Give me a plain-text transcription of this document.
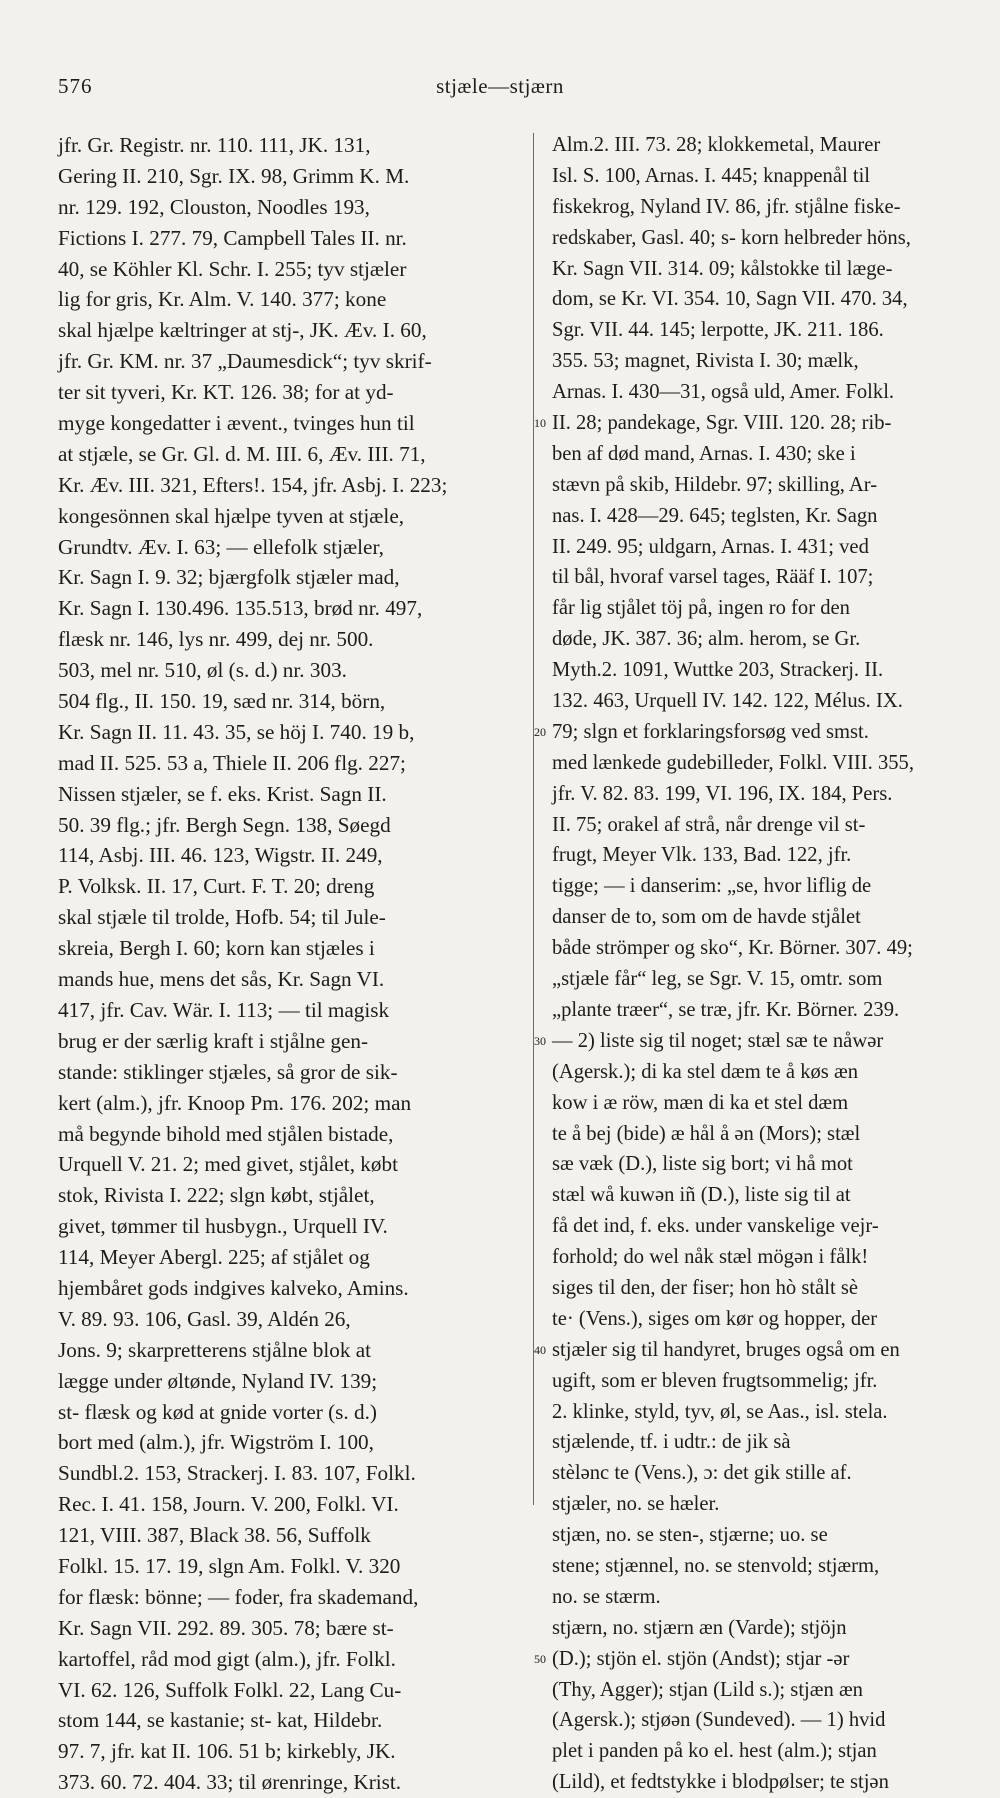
576	stjæle—stjærn
jfr. Gr. Registr. nr. 110. 111, JK. 131,
Gering II. 210, Sgr. IX. 98, Grimm K. M.
nr. 129. 192, Clouston, Noodles 193,
Fictions I. 277. 79, Campbell Tales II. nr.
40, se Köhler Kl. Schr. I. 255; tyv stjæler
lig for gris, Kr. Alm. V. 140. 377; kone
skal hjælpe kæltringer at stj-, JK. Æv. I. 60,
jfr. Gr. KM. nr. 37 „Daumesdick“; tyv skrif-
ter sit tyveri, Kr. KT. 126. 38; for at yd-
myge kongedatter i ævent., tvinges hun til
at stjæle, se Gr. Gl. d. M. III. 6, Æv. III. 71,
Kr. Æv. III. 321, Efters!. 154, jfr. Asbj. I. 223;
kongesönnen skal hjælpe tyven at stjæle,
Grundtv. Æv. I. 63; — ellefolk stjæler,
Kr. Sagn I. 9. 32; bjærgfolk stjæler mad,
Kr. Sagn I. 130.496. 135.513, brød nr. 497,
flæsk nr. 146, lys nr. 499, dej nr. 500.
503, mel nr. 510, øl (s. d.) nr. 303.
504 flg., II. 150. 19, sæd nr. 314, börn,
Kr. Sagn II. 11. 43. 35, se höj I. 740. 19 b,
mad II. 525. 53 a, Thiele II. 206 flg. 227;
Nissen stjæler, se f. eks. Krist. Sagn II.
50. 39 flg.; jfr. Bergh Segn. 138, Søegd
114, Asbj. III. 46. 123, Wigstr. II. 249,
P. Volksk. II. 17, Curt. F. T. 20; dreng
skal stjæle til trolde, Hofb. 54; til Jule-
skreia, Bergh I. 60; korn kan stjæles i
mands hue, mens det sås, Kr. Sagn VI.
417, jfr. Cav. Wär. I. 113; — til magisk
brug er der særlig kraft i stjålne gen-
stande: stiklinger stjæles, så gror de sik-
kert (alm.), jfr. Knoop Pm. 176. 202; man
må begynde bihold med stjålen bistade,
Urquell V. 21. 2; med givet, stjålet, købt
stok, Rivista I. 222; slgn købt, stjålet,
givet, tømmer til husbygn., Urquell IV.
114, Meyer Abergl. 225; af stjålet og
hjembåret gods indgives kalveko, Amins.
V. 89. 93. 106, Gasl. 39, Aldén 26,
Jons. 9; skarpretterens stjålne blok at
lægge under øltønde, Nyland IV. 139;
st- flæsk og kød at gnide vorter (s. d.)
bort med (alm.), jfr. Wigström I. 100,
Sundbl.2. 153, Strackerj. I. 83. 107, Folkl.
Rec. I. 41. 158, Journ. V. 200, Folkl. VI.
121, VIII. 387, Black 38. 56, Suffolk
Folkl. 15. 17. 19, slgn Am. Folkl. V. 320
for flæsk: bönne; — foder, fra skademand,
Kr. Sagn VII. 292. 89. 305. 78; bære st-
kartoffel, råd mod gigt (alm.), jfr. Folkl.
VI. 62. 126, Suffolk Folkl. 22, Lang Cu-
stom 144, se kastanie; st- kat, Hildebr.
97. 7, jfr. kat II. 106. 51 b; kirkebly, JK.
373. 60. 72. 404. 33; til ørenringe, Krist.
Alm.2. III. 73. 28; klokkemetal, Maurer
Isl. S. 100, Arnas. I. 445; knappenål til
fiskekrog, Nyland IV. 86, jfr. stjålne fiske-
redskaber, Gasl. 40; s- korn helbreder höns,
Kr. Sagn VII. 314. 09; kålstokke til læge-
dom, se Kr. VI. 354. 10, Sagn VII. 470. 34,
Sgr. VII. 44. 145; lerpotte, JK. 211. 186.
355. 53; magnet, Rivista I. 30; mælk,
Arnas. I. 430—31, også uld, Amer. Folkl.
II. 28; pandekage, Sgr. VIII. 120. 28; rib-
ben af død mand, Arnas. I. 430; ske i
stævn på skib, Hildebr. 97; skilling, Ar-
nas. I. 428—29. 645; teglsten, Kr. Sagn
II. 249. 95; uldgarn, Arnas. I. 431; ved
til bål, hvoraf varsel tages, Rääf I. 107;
får lig stjålet töj på, ingen ro for den
døde, JK. 387. 36; alm. herom, se Gr.
Myth.2. 1091, Wuttke 203, Strackerj. II.
132. 463, Urquell IV. 142. 122, Mélus. IX.
79; slgn et forklaringsforsøg ved smst.
med lænkede gudebilleder, Folkl. VIII. 355,
jfr. V. 82. 83. 199, VI. 196, IX. 184, Pers.
II. 75; orakel af strå, når drenge vil st-
frugt, Meyer Vlk. 133, Bad. 122, jfr.
tigge; — i danserim: „se, hvor liflig de
danser de to, som om de havde stjålet
både strömper og sko“, Kr. Börner. 307. 49;
„stjæle får“ leg, se Sgr. V. 15, omtr. som
„plante træer“, se træ, jfr. Kr. Börner. 239.
— 2) liste sig til noget; stæl sæ te nåwər
(Agersk.); di ka stel dæm te å køs æn
kow i æ röw, mæn di ka et stel dæm
te å bej (bide) æ hål å ən (Mors); stæl
sæ væk (D.), liste sig bort; vi hå mot
stæl wå kuwən iñ (D.), liste sig til at
få det ind, f. eks. under vanskelige vejr-
forhold; do wel nåk stæl mögən i fålk!
siges til den, der fiser; hon hò stålt sè
te· (Vens.), siges om kør og hopper, der
stjæler sig til handyret, bruges også om en
ugift, som er bleven frugtsommelig; jfr.
2. klinke, styld, tyv, øl, se Aas., isl. stela.
stjælende, tf. i udtr.: de jik sà
stèlənc te (Vens.), ɔ: det gik stille af.
stjæler, no. se hæler.
stjæn, no. se sten-, stjærne; uo. se
stene; stjænnel, no. se stenvold; stjærm,
no. se stærm.
stjærn, no. stjærn æn (Varde); stjöjn
(D.); stjön el. stjön (Andst); stjar -ər
(Thy, Agger); stjan (Lild s.); stjæn æn
(Agersk.); stjøən (Sundeved). — 1) hvid
plet i panden på ko el. hest (alm.); stjan
(Lild), et fedtstykke i blodpølser; te stjən
10
20
30
40
50
